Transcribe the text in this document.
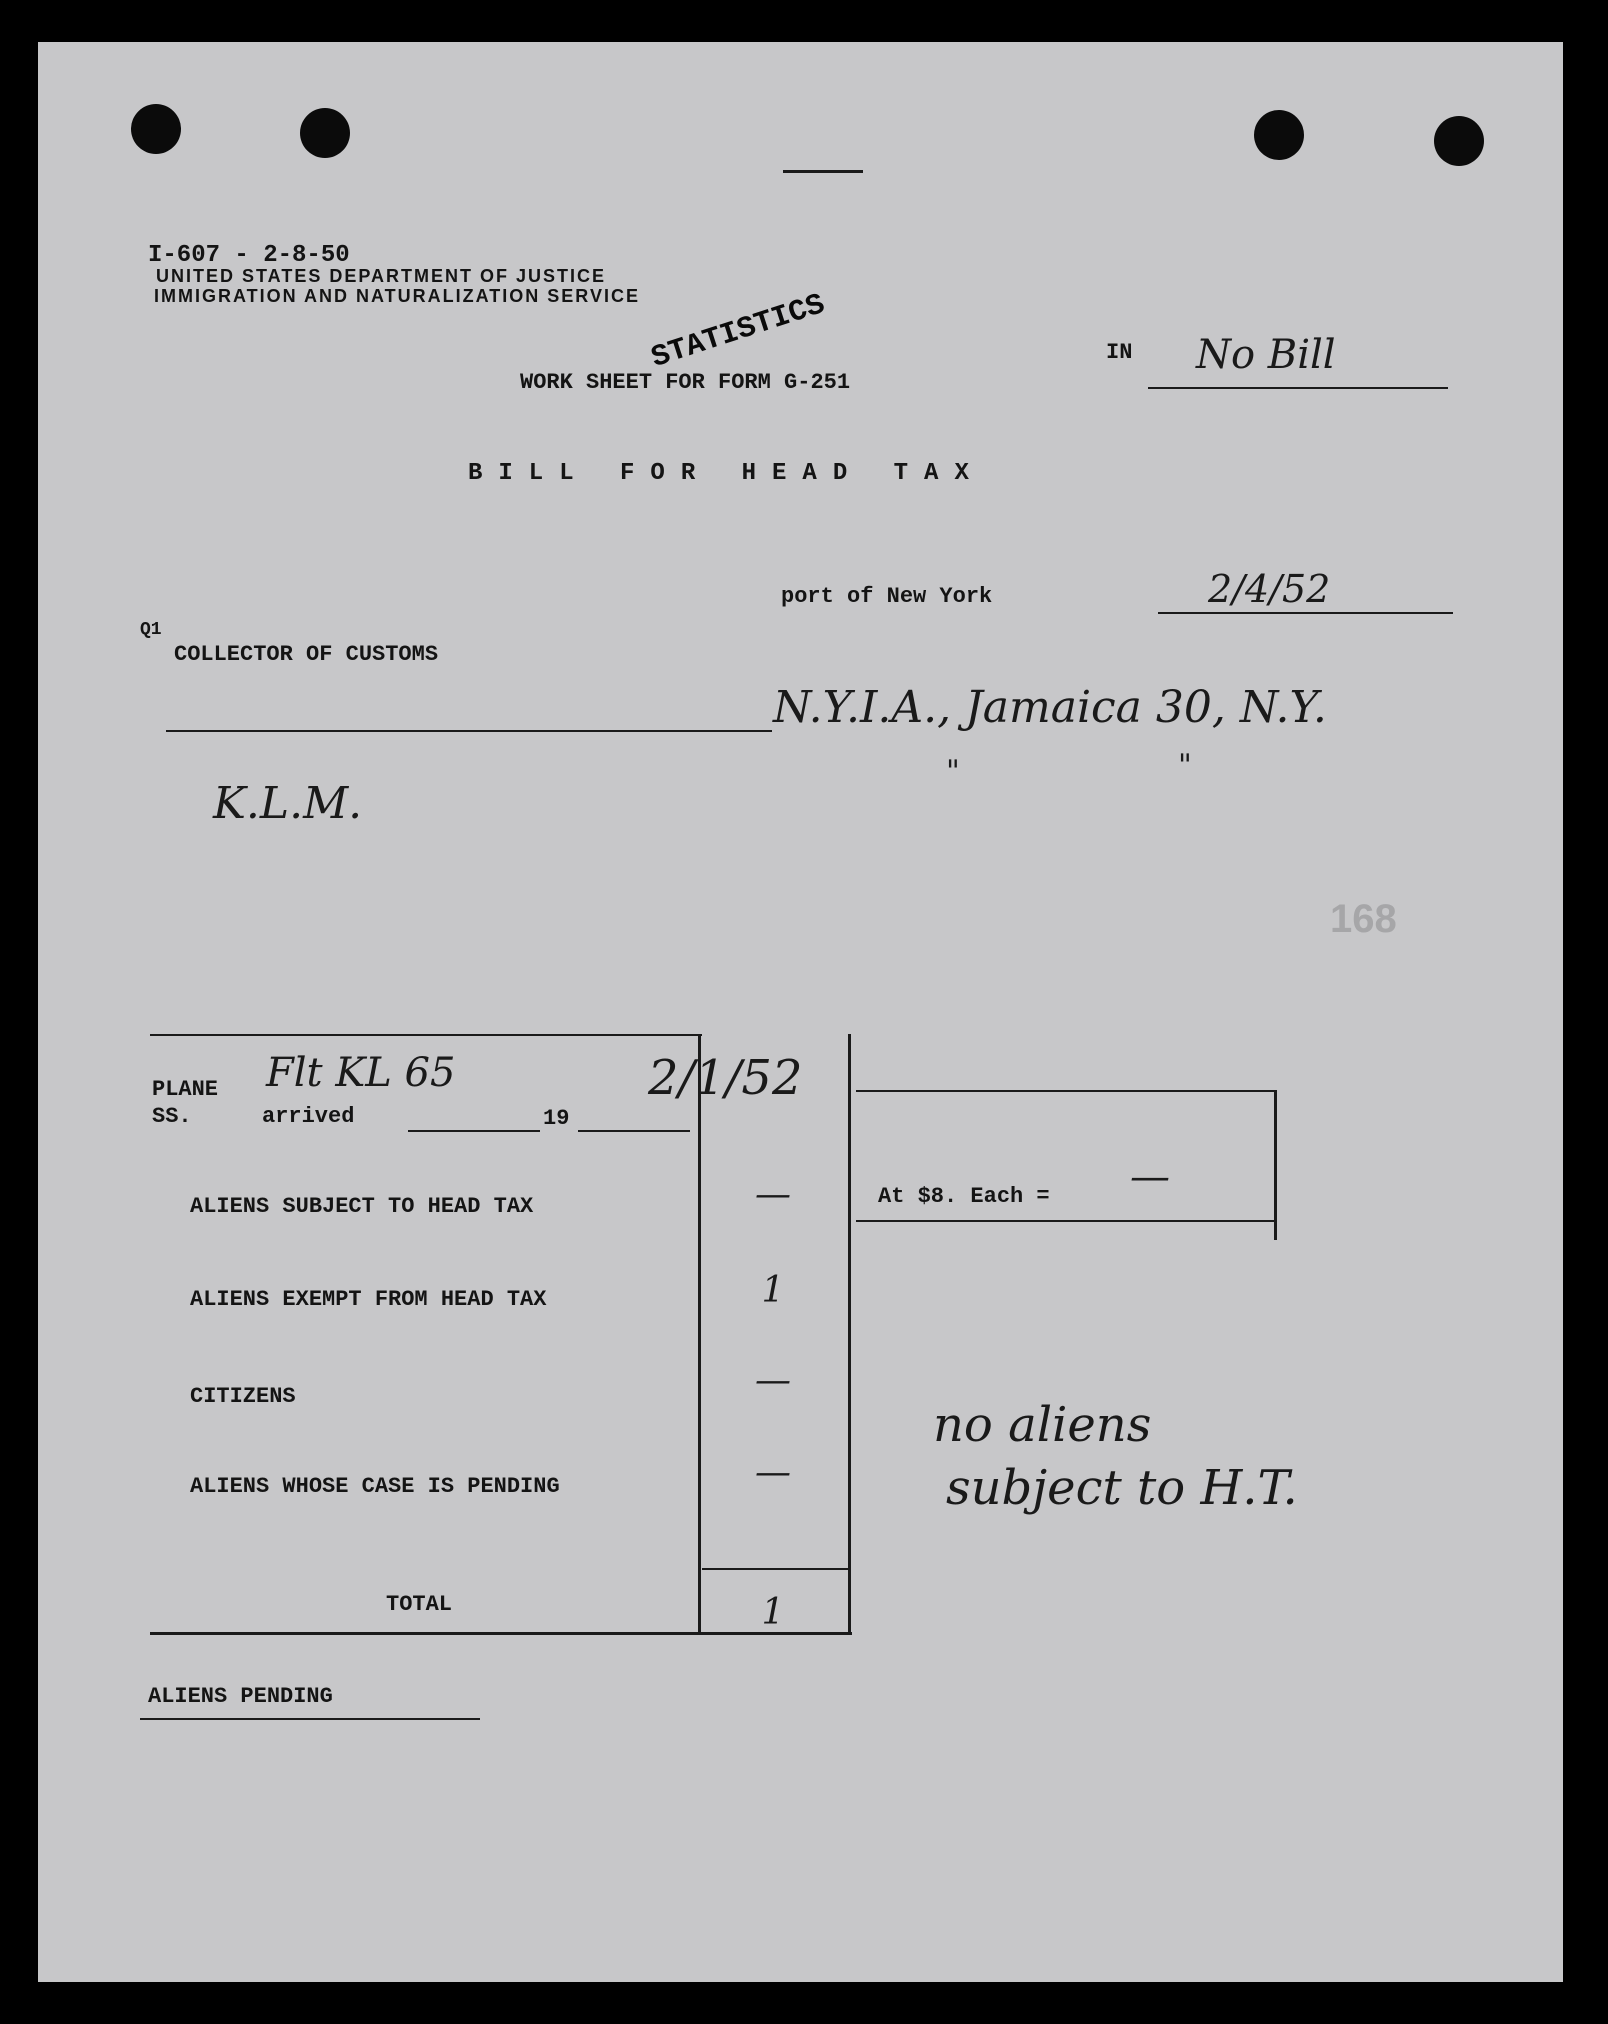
I-607 - 2-8-50
UNITED STATES DEPARTMENT OF JUSTICE
IMMIGRATION AND NATURALIZATION SERVICE
WORK SHEET FOR FORM G-251
STATISTICS	IN No Bill
BILL FOR HEAD TAX
port of New York	2/4/52
Q1
COLLECTOR OF CUSTOMS
N.Y.I.A., Jamaica 30, N.Y.
"	"
K.L.M.
168
PLANE
SS.	arrived	19
Flt KL 65	2/1/52
ALIENS SUBJECT TO HEAD TAX	—
ALIENS EXEMPT FROM HEAD TAX	1
CITIZENS	—
ALIENS WHOSE CASE IS PENDING	—
TOTAL	1
At $8. Each = —
no aliens
subject to H.T.
ALIENS PENDING
